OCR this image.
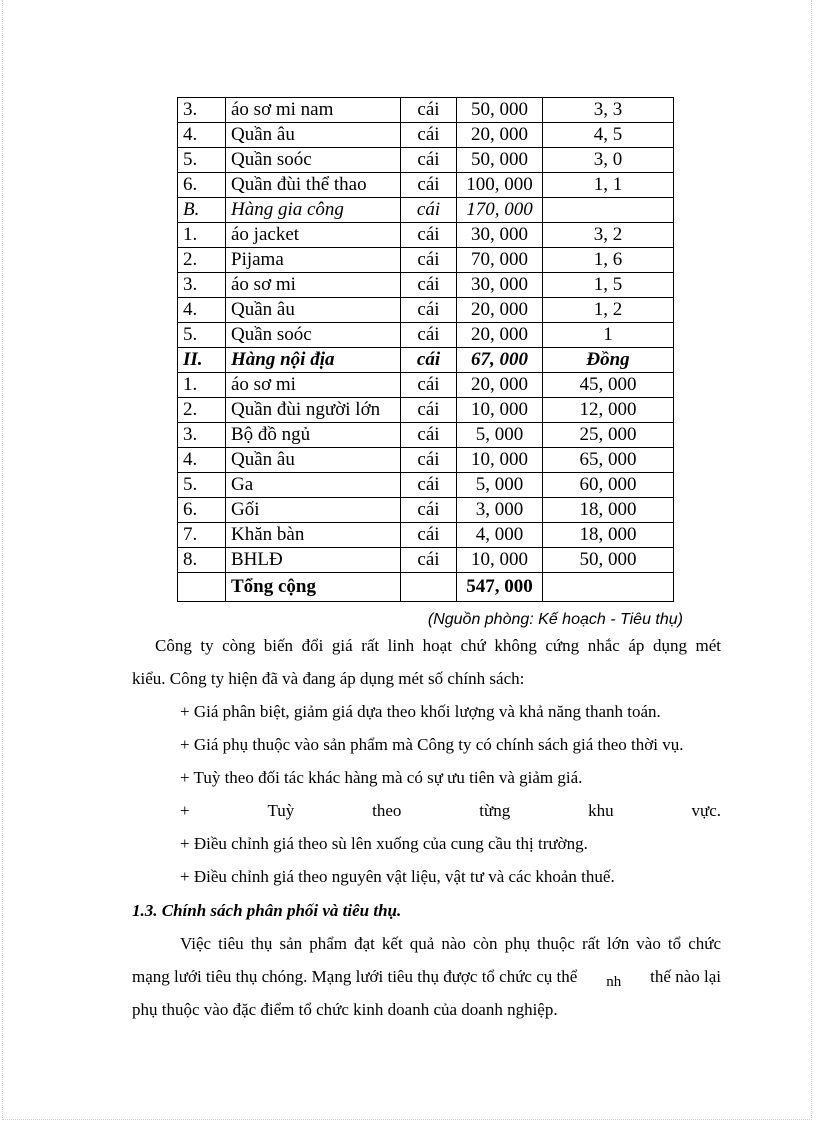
3.	áo sơ mi nam	cái	50, 000	3, 3
4.	Quần âu	cái	20, 000	4, 5
5.	Quần soóc	cái	50, 000	3, 0
6.	Quần đùi thể thao	cái	100, 000	1, 1
B.	Hàng gia công	cái	170, 000	
1.	áo jacket	cái	30, 000	3, 2
2.	Pijama	cái	70, 000	1, 6
3.	áo sơ mi	cái	30, 000	1, 5
4.	Quần âu	cái	20, 000	1, 2
5.	Quần soóc	cái	20, 000	1
II.	Hàng nội địa	cái	67, 000	Đồng
1.	áo sơ mi	cái	20, 000	45, 000
2.	Quần đùi người lớn	cái	10, 000	12, 000
3.	Bộ đồ ngủ	cái	5, 000	25, 000
4.	Quần âu	cái	10, 000	65, 000
5.	Ga	cái	5, 000	60, 000
6.	Gối	cái	3, 000	18, 000
7.	Khăn bàn	cái	4, 000	18, 000
8.	BHLĐ	cái	10, 000	50, 000
	Tổng cộng		547, 000	
(Nguồn phòng: Kế hoạch - Tiêu thụ)
Công ty còng biến đổi giá rất linh hoạt chứ không cứng nhắc áp dụng mét
kiểu. Công ty hiện đã và đang áp dụng mét số chính sách:
+ Giá phân biệt, giảm giá dựa theo khối lượng và khả năng thanh toán.
+ Giá phụ thuộc vào sản phẩm mà Công ty có chính sách giá theo thời vụ.
+ Tuỳ theo đối tác khác hàng mà có sự ưu tiên và giảm giá.
+	Tuỳ	theo	từng	khu	vực.
+ Điều chỉnh giá theo sù lên xuống của cung cầu thị trường.
+ Điều chỉnh giá theo nguyên vật liệu, vật tư và các khoản thuế.
1.3. Chính sách phân phối và tiêu thụ.
Việc tiêu thụ sản phẩm đạt kết quả nào còn phụ thuộc rất lớn vào tổ chức
mạng lưới tiêu thụ chóng. Mạng lưới tiêu thụ được tổ chức cụ thể nh thế nào lại
phụ thuộc vào đặc điểm tổ chức kinh doanh của doanh nghiệp.
